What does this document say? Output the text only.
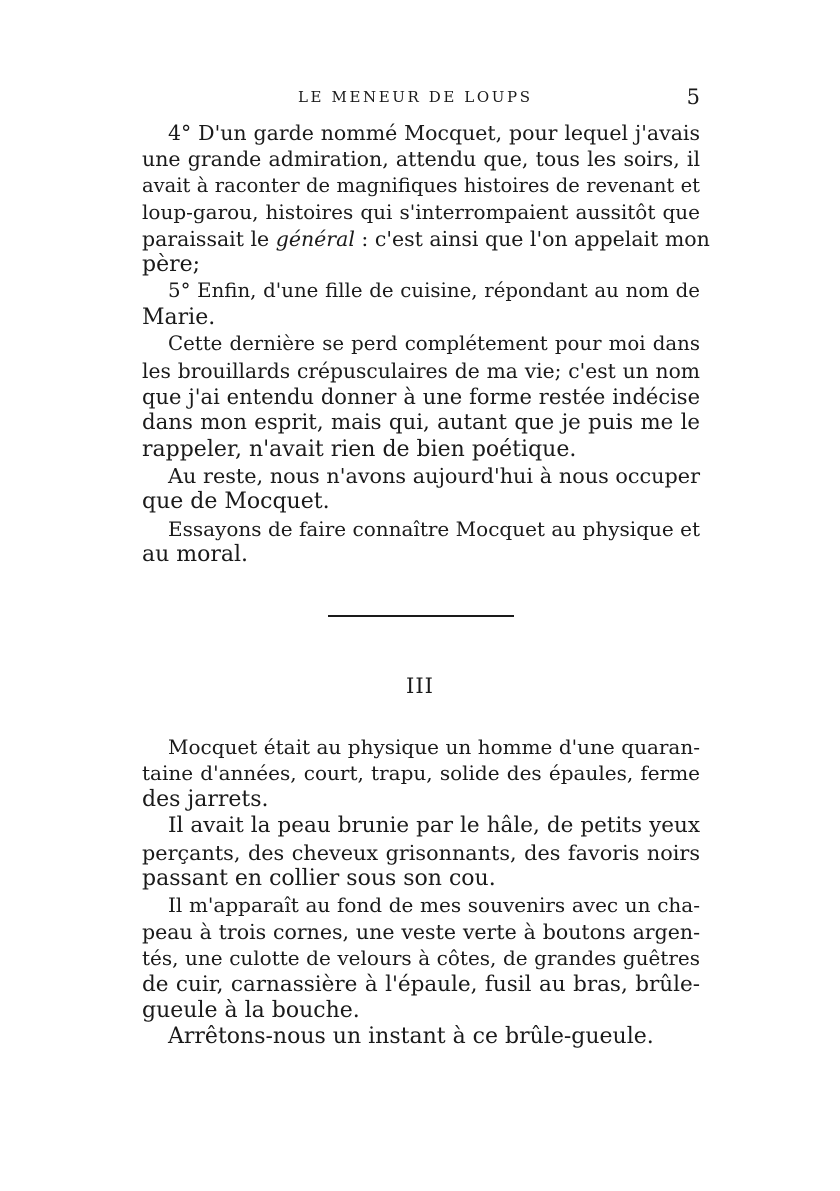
LE MENEUR DE LOUPS	5
4° D'un garde nommé Mocquet, pour lequel j'avais
une grande admiration, attendu que, tous les soirs, il
avait à raconter de magnifiques histoires de revenant et
loup-garou, histoires qui s'interrompaient aussitôt que
paraissait le général : c'est ainsi que l'on appelait mon
père;
5° Enfin, d'une fille de cuisine, répondant au nom de
Marie.
Cette dernière se perd complétement pour moi dans
les brouillards crépusculaires de ma vie; c'est un nom
que j'ai entendu donner à une forme restée indécise
dans mon esprit, mais qui, autant que je puis me le
rappeler, n'avait rien de bien poétique.
Au reste, nous n'avons aujourd'hui à nous occuper
que de Mocquet.
Essayons de faire connaître Mocquet au physique et
au moral.
III
Mocquet était au physique un homme d'une quaran-
taine d'années, court, trapu, solide des épaules, ferme
des jarrets.
Il avait la peau brunie par le hâle, de petits yeux
perçants, des cheveux grisonnants, des favoris noirs
passant en collier sous son cou.
Il m'apparaît au fond de mes souvenirs avec un cha-
peau à trois cornes, une veste verte à boutons argen-
tés, une culotte de velours à côtes, de grandes guêtres
de cuir, carnassière à l'épaule, fusil au bras, brûle-
gueule à la bouche.
Arrêtons-nous un instant à ce brûle-gueule.
